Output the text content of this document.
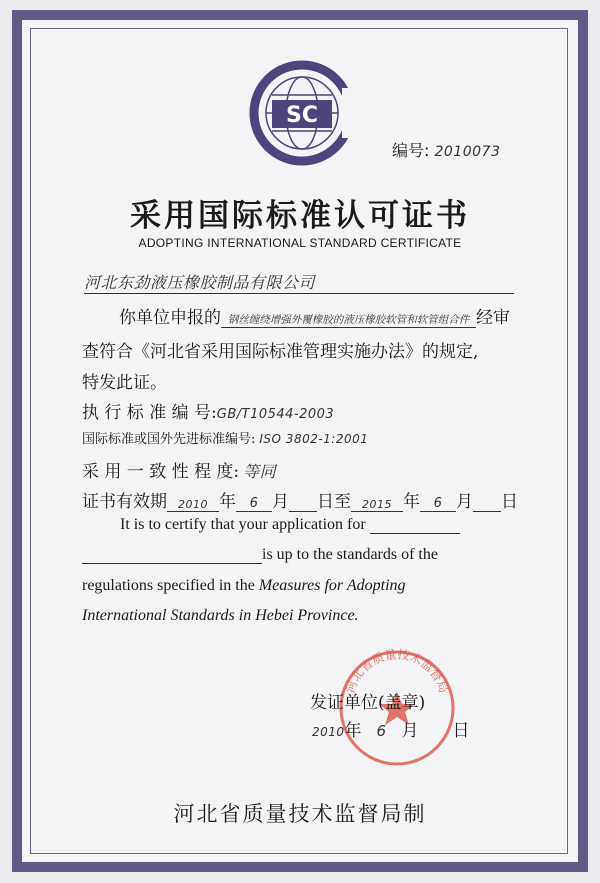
SC
编号: 2010073
采用国际标准认可证书
ADOPTING INTERNATIONAL STANDARD CERTIFICATE
河北东劲液压橡胶制品有限公司
你单位申报的 钢丝缠绕增强外覆橡胶的液压橡胶软管和软管组合件 经审
查符合《河北省采用国际标准管理实施办法》的规定,
特发此证。
执 行 标 准 编 号:GB/T10544-2003
国际标准或国外先进标准编号: ISO 3802-1:2001
采 用 一 致 性 程 度: 等同
证书有效期 2010 年 6 月 日至 2015 年 6 月 日
It is to certify that your application for
is up to the standards of the
regulations specified in the Measures for Adopting
International Standards in Hebei Province.
河北省质量技术监督局
发证单位(盖章)
2010年 6 月 日
河北省质量技术监督局制
